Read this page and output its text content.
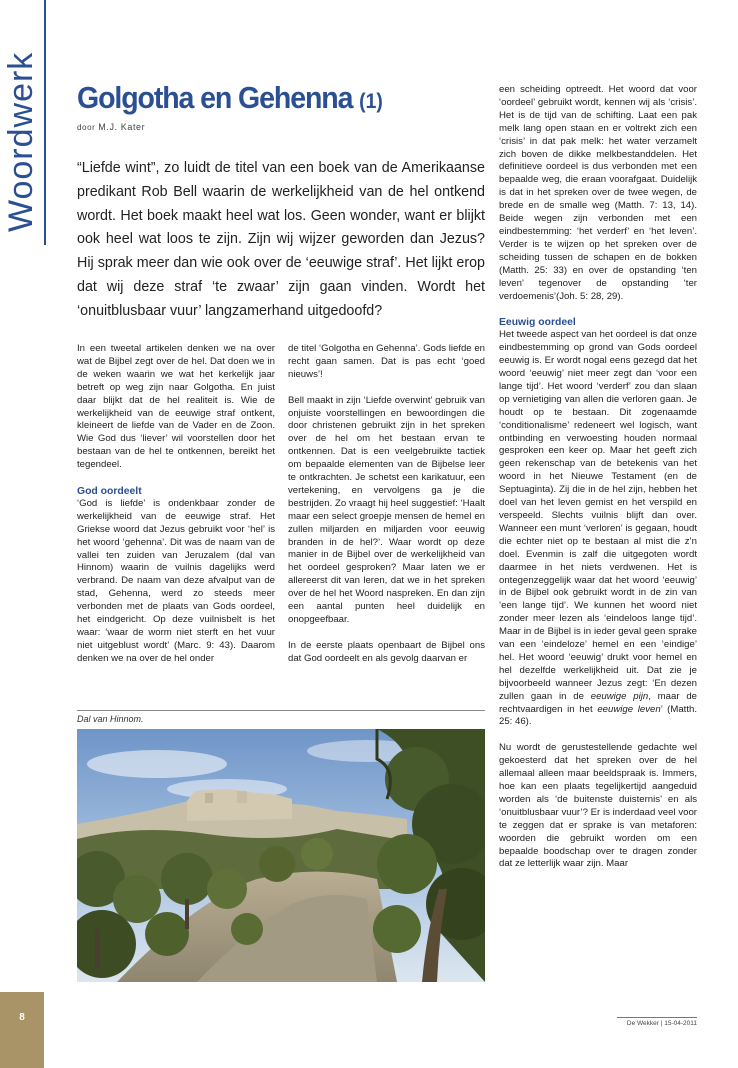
Woordwerk Golgotha en Gehenna (1)
door M.J. Kater

“Liefde wint”, zo luidt de titel van een boek van de Amerikaanse predikant Rob Bell waarin de werkelijkheid van de hel ontkend wordt. Het boek maakt heel wat los. Geen wonder, want er blijkt ook heel wat loos te zijn. Zijn wij wijzer geworden dan Jezus? Hij sprak meer dan wie ook over de ‘eeuwige straf’. Het lijkt erop dat wij deze straf ‘te zwaar’ zijn gaan vinden. Wordt het ‘onuitblusbaar vuur’ langzamerhand uitgedoofd?

In een tweetal artikelen denken we na over wat de Bijbel zegt over de hel. Dat doen we in de weken waarin we wat het kerkelijk jaar betreft op weg zijn naar Golgotha. En juist daar blijkt dat de hel realiteit is. Wie de werkelijkheid van de eeuwige straf ontkent, kleineert de liefde van de Vader en de Zoon. Wie God dus ‘liever’ wil voorstellen door het bestaan van de hel te ontkennen, bereikt het tegendeel.

God oordeelt

‘God is liefde’ is ondenkbaar zonder de werkelijkheid van de eeuwige straf. Het Griekse woord dat Jezus gebruikt voor ‘hel’ is het woord ‘gehenna’. Dit was de naam van de vallei ten zuiden van Jeruzalem (dal van Hinnom) waarin de vuilnis dagelijks werd verbrand. De naam van deze afvalput van de stad, Gehenna, werd zo steeds meer verbonden met de plaats van Gods oordeel, het eindgericht. Op deze vuilnisbelt is het waar: ‘waar de worm niet sterft en het vuur niet uitgeblust wordt’ (Marc. 9: 43). Daarom denken we na over de hel onder

de titel ‘Golgotha en Gehenna’. Gods liefde en recht gaan samen. Dat is pas echt ‘goed nieuws’!

Bell maakt in zijn ‘Liefde overwint’ gebruik van onjuiste voorstellingen en bewoordingen die door christenen gebruikt zijn in het spreken over de hel om het bestaan ervan te ontkennen. Dat is een veelgebruikte tactiek om bepaalde elementen van de Bijbelse leer te ontkrachten. Je schetst een karikatuur, een vertekening, en vervolgens ga je die bestrijden. Zo vraagt hij heel suggestief: ‘Haalt maar een select groepje mensen de hemel en zullen miljarden en miljarden voor eeuwig branden in de hel?’. Waar wordt op deze manier in de Bijbel over de werkelijkheid van het oordeel gesproken? Maar laten we er allereerst dit van leren, dat we in het spreken over de hel het Woord naspreken. En dan zijn een aantal punten heel duidelijk en onopgeefbaar.

In de eerste plaats openbaart de Bijbel ons dat God oordeelt en als gevolg daarvan er

een scheiding optreedt. Het woord dat voor ‘oordeel’ gebruikt wordt, kennen wij als ‘crisis’. Het is de tijd van de schifting. Laat een pak melk lang open staan en er voltrekt zich een ‘crisis’ in dat pak melk: het water verzamelt zich boven de dikke melkbestanddelen. Het definitieve oordeel is dus verbonden met een bepaalde weg, die eraan voorafgaat. Duidelijk is dat in het spreken over de twee wegen, de brede en de smalle weg (Matth. 7: 13, 14). Beide wegen zijn verbonden met een eindbestemming: ‘het verderf’ en ‘het leven’. Verder is te wijzen op het spreken over de scheiding tussen de schapen en de bokken (Matth. 25: 33) en over de opstanding ‘ten leven’ tegenover de opstanding ‘ter verdoemenis’(Joh. 5: 28, 29).

Eeuwig oordeel

Het tweede aspect van het oordeel is dat onze eindbestemming op grond van Gods oordeel eeuwig is. Er wordt nogal eens gezegd dat het woord ‘eeuwig’ niet meer zegt dan ‘voor een lange tijd’. Het woord ‘verderf’ zou dan slaan op vernietiging van allen die verloren gaan. Je houdt op te bestaan. Dit zogenaamde ‘conditionalisme’ redeneert wel logisch, want ontbinding en verwoesting houden normaal gesproken een keer op. Maar het geeft zich geen rekenschap van de betekenis van het woord in het Nieuwe Testament (en de Septuaginta). Zij die in de hel zijn, hebben het doel van het leven gemist en het verspild en verspeeld. Slechts vuilnis blijft dan over. Wanneer een munt ‘verloren’ is gegaan, houdt die echter niet op te bestaan al mist die z’n doel. Evenmin is zalf die uitgegoten wordt daarmee in het niets verdwenen. Het is ontegenzeggelijk waar dat het woord ‘eeuwig’ in de Bijbel ook gebruikt wordt in de zin van ‘een lange tijd’. We kunnen het woord niet zonder meer lezen als ‘eindeloos lange tijd’. Maar in de Bijbel is in ieder geval geen sprake van een ‘eindeloze’ hemel en een ‘eindige’ hel. Het woord ‘eeuwig’ drukt voor hemel en hel dezelfde werkelijkheid uit. Dat zie je bijvoorbeeld wanneer Jezus zegt: ‘En dezen zullen gaan in de eeuwige pijn, maar de rechtvaardigen in het eeuwige leven’ (Matth. 25: 46).

Nu wordt de gerustestellende gedachte wel gekoesterd dat het spreken over de hel allemaal alleen maar beeldspraak is. Immers, hoe kan een plaats tegelijkertijd aangeduid worden als ‘de buitenste duisternis’ en als ‘onuitblusbaar vuur’? Er is inderdaad veel voor te zeggen dat er sprake is van metaforen: woorden die gebruikt worden om een bepaalde boodschap over te dragen zonder dat ze letterlijk waar zijn. Maar

Dal van Hinnom.
8
De Wekker | 15-04-2011
